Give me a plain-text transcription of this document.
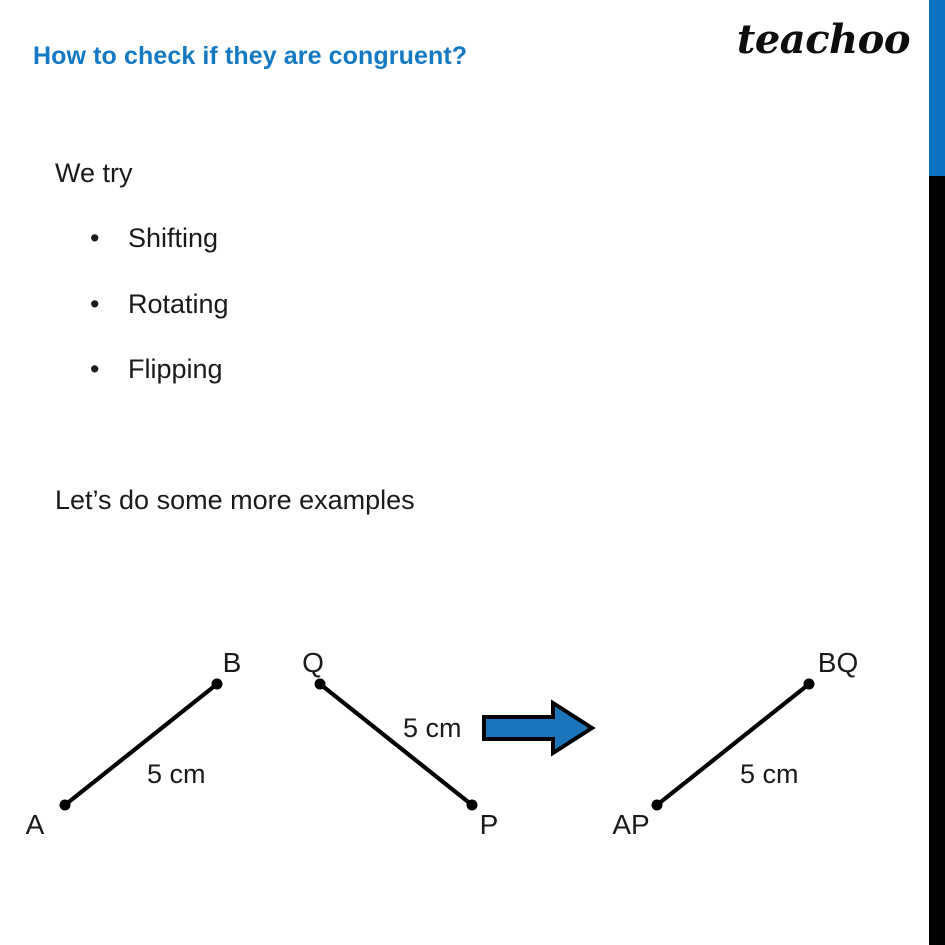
How to check if they are congruent?	teachoo
We try
•	Shifting
•	Rotating
•	Flipping
Let’s do some more examples
A
B
5 cm
Q
P
5 cm
AP
BQ
5 cm
